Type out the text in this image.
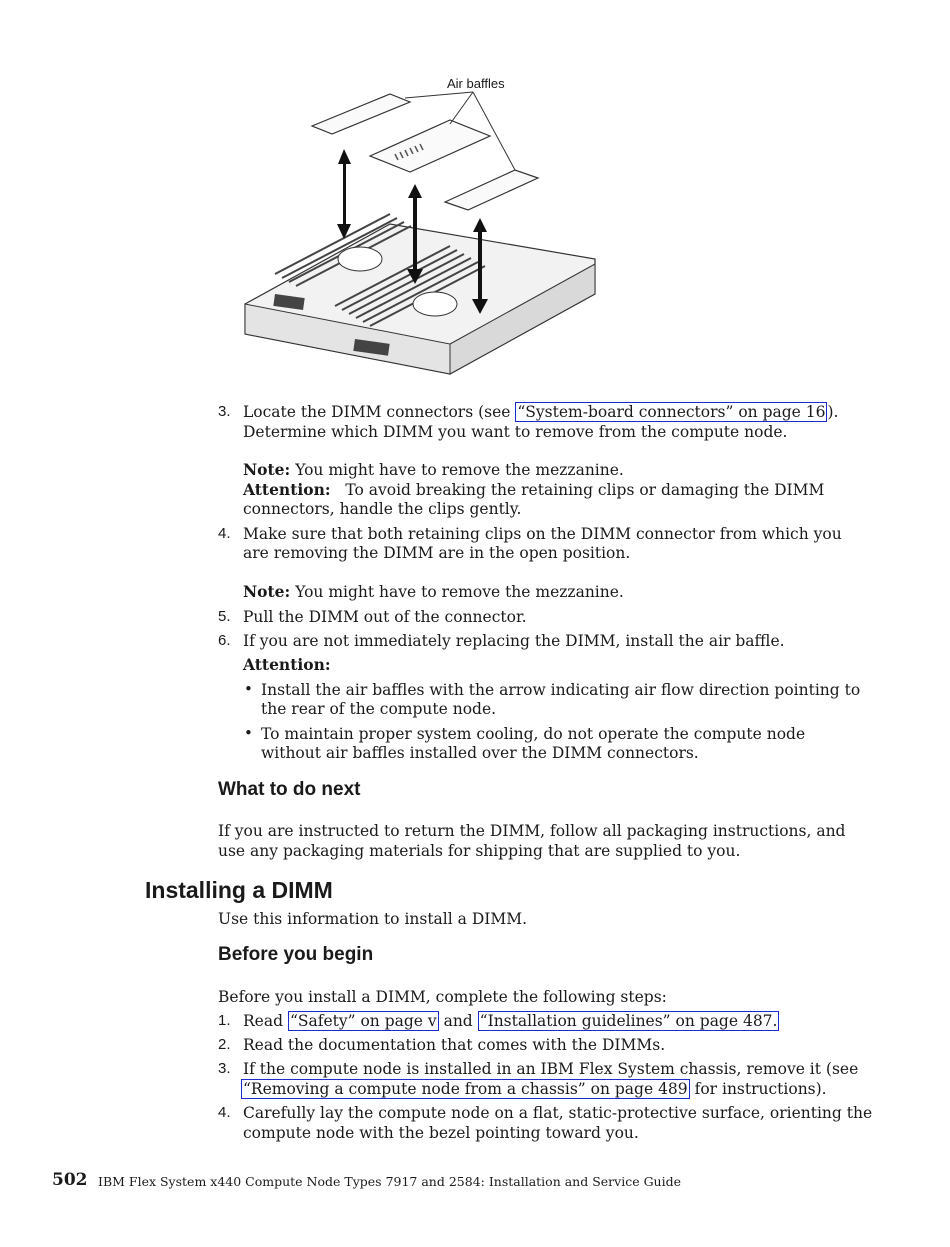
Air baffles
3. Locate the DIMM connectors (see “System-board connectors” on page 16 ).
Determine which DIMM you want to remove from the compute node.
Note: You might have to remove the mezzanine.
Attention: To avoid breaking the retaining clips or damaging the DIMM
connectors, handle the clips gently.
4. Make sure that both retaining clips on the DIMM connector from which you
are removing the DIMM are in the open position.
Note: You might have to remove the mezzanine.
5. Pull the DIMM out of the connector.
6. If you are not immediately replacing the DIMM, install the air baffle.
Attention:
• Install the air baffles with the arrow indicating air flow direction pointing to
the rear of the compute node.
• To maintain proper system cooling, do not operate the compute node
without air baffles installed over the DIMM connectors.
What to do next
If you are instructed to return the DIMM, follow all packaging instructions, and
use any packaging materials for shipping that are supplied to you.
Installing a DIMM
Use this information to install a DIMM.
Before you begin
Before you install a DIMM, complete the following steps:
1. Read “Safety” on page v and “Installation guidelines” on page 487.
2. Read the documentation that comes with the DIMMs.
3. If the compute node is installed in an IBM Flex System chassis, remove it (see
“Removing a compute node from a chassis” on page 489 for instructions).
4. Carefully lay the compute node on a flat, static-protective surface, orienting the
compute node with the bezel pointing toward you.
502 IBM Flex System x440 Compute Node Types 7917 and 2584: Installation and Service Guide
